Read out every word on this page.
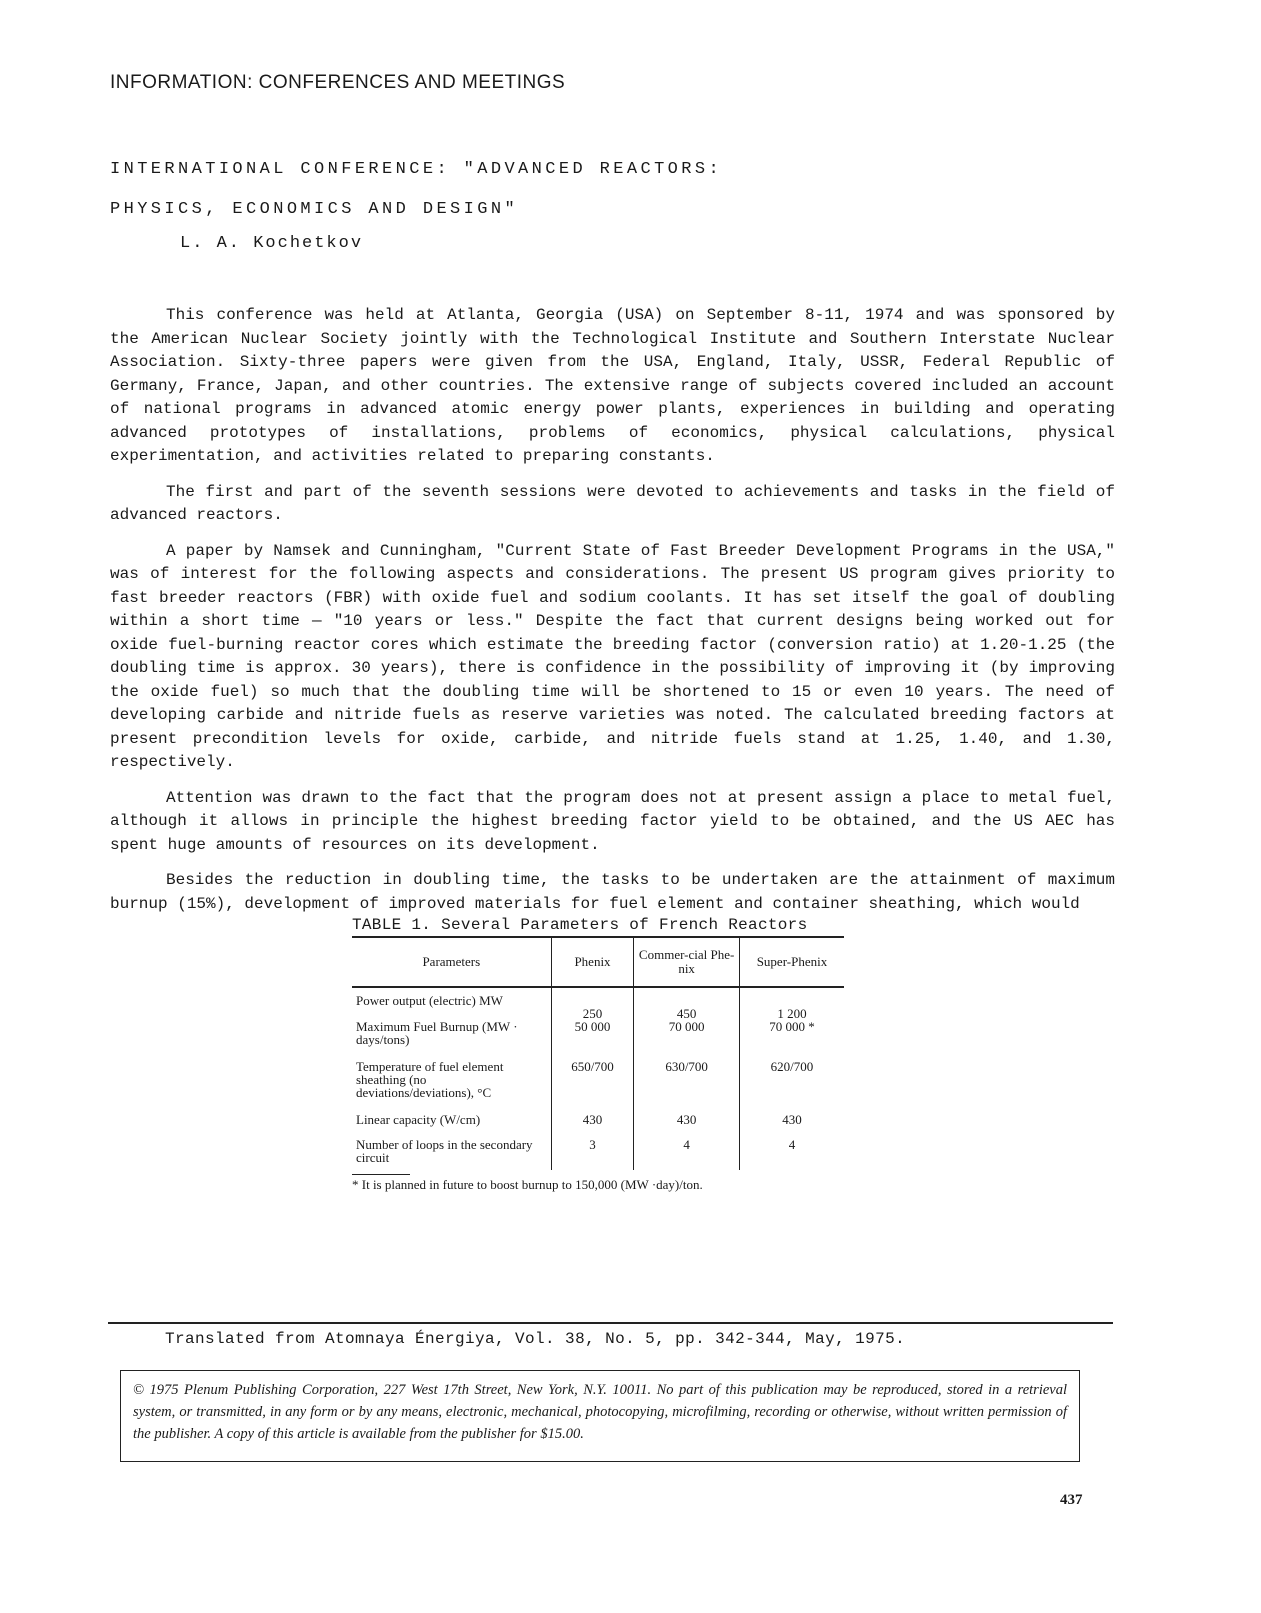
INFORMATION: CONFERENCES AND MEETINGS
INTERNATIONAL CONFERENCE: "ADVANCED REACTORS:
PHYSICS, ECONOMICS AND DESIGN"
L. A. Kochetkov

This conference was held at Atlanta, Georgia (USA) on September 8-11, 1974 and was sponsored by the American Nuclear Society jointly with the Technological Institute and Southern Interstate Nuclear Association. Sixty-three papers were given from the USA, England, Italy, USSR, Federal Republic of Germany, France, Japan, and other countries. The extensive range of subjects covered included an account of national programs in advanced atomic energy power plants, experiences in building and operating advanced prototypes of installations, problems of economics, physical calculations, physical experimentation, and activities related to preparing constants.

The first and part of the seventh sessions were devoted to achievements and tasks in the field of advanced reactors.

A paper by Namsek and Cunningham, "Current State of Fast Breeder Development Programs in the USA," was of interest for the following aspects and considerations. The present US program gives priority to fast breeder reactors (FBR) with oxide fuel and sodium coolants. It has set itself the goal of doubling within a short time — "10 years or less." Despite the fact that current designs being worked out for oxide fuel-burning reactor cores which estimate the breeding factor (conversion ratio) at 1.20-1.25 (the doubling time is approx. 30 years), there is confidence in the possibility of improving it (by improving the oxide fuel) so much that the doubling time will be shortened to 15 or even 10 years. The need of developing carbide and nitride fuels as reserve varieties was noted. The calculated breeding factors at present precondition levels for oxide, carbide, and nitride fuels stand at 1.25, 1.40, and 1.30, respectively.

Attention was drawn to the fact that the program does not at present assign a place to metal fuel, although it allows in principle the highest breeding factor yield to be obtained, and the US AEC has spent huge amounts of resources on its development.

Besides the reduction in doubling time, the tasks to be undertaken are the attainment of maximum burnup (15%), development of improved materials for fuel element and container sheathing, which would

TABLE 1. Several Parameters of French Reactors
Parameters	Phenix	Commer-cial Phe-nix	Super-Phenix
Power output (electric) MW	250	450	1 200
Maximum Fuel Burnup (MW · days/tons)	50 000	70 000	70 000 *
Temperature of fuel element sheathing (no deviations/deviations), °C	650/700	630/700	620/700
Linear capacity (W/cm)	430	430	430
Number of loops in the secondary circuit	3	4	4
* It is planned in future to boost burnup to 150,000 (MW ·day)/ton.
Translated from Atomnaya Énergiya, Vol. 38, No. 5, pp. 342-344, May, 1975.
© 1975 Plenum Publishing Corporation, 227 West 17th Street, New York, N.Y. 10011. No part of this publication may be reproduced, stored in a retrieval system, or transmitted, in any form or by any means, electronic, mechanical, photocopying, microfilming, recording or otherwise, without written permission of the publisher. A copy of this article is available from the publisher for $15.00.
437
